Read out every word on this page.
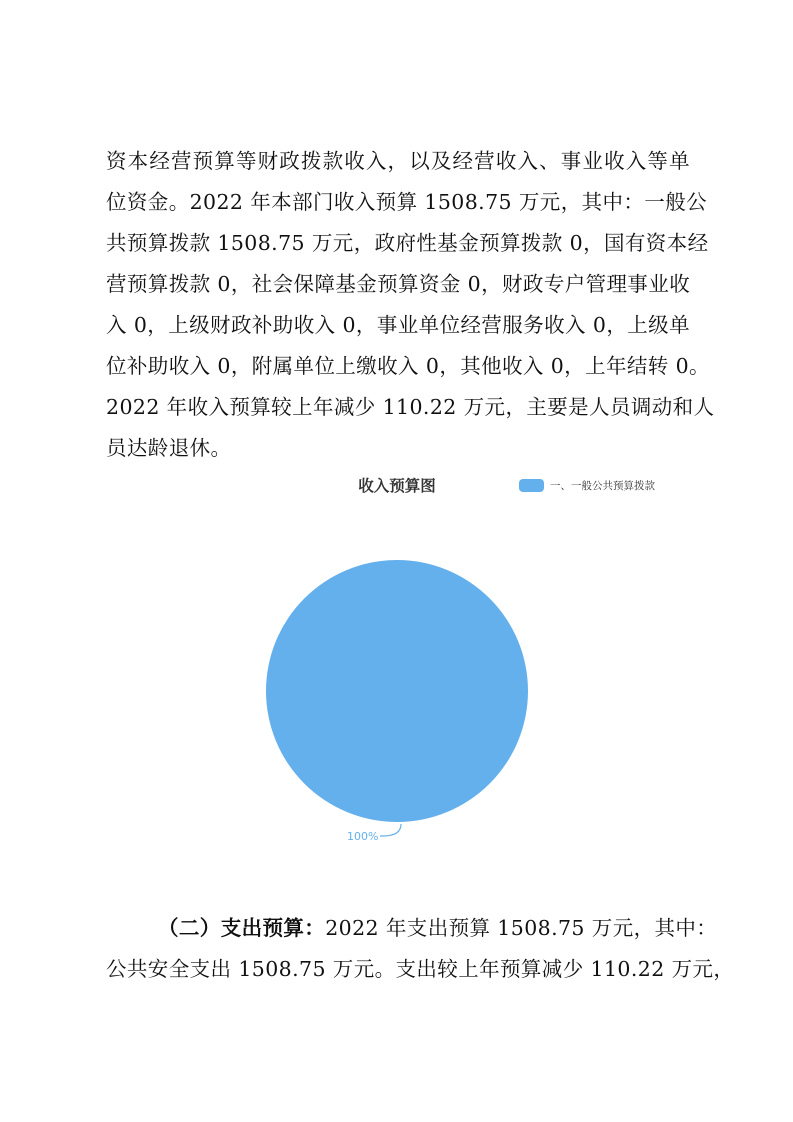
资本经营预算等财政拨款收入，以及经营收入、事业收入等单
位资金。2022 年本部门收入预算 1508.75 万元，其中：一般公
共预算拨款 1508.75 万元，政府性基金预算拨款 0，国有资本经
营预算拨款 0，社会保障基金预算资金 0，财政专户管理事业收
入 0，上级财政补助收入 0，事业单位经营服务收入 0，上级单
位补助收入 0，附属单位上缴收入 0，其他收入 0，上年结转 0。
2022 年收入预算较上年减少 110.22 万元，主要是人员调动和人
员达龄退休。
收入预算图	一、一般公共预算拨款
100%
（二）支出预算：2022 年支出预算 1508.75 万元，其中：
公共安全支出 1508.75 万元。支出较上年预算减少 110.22 万元，
